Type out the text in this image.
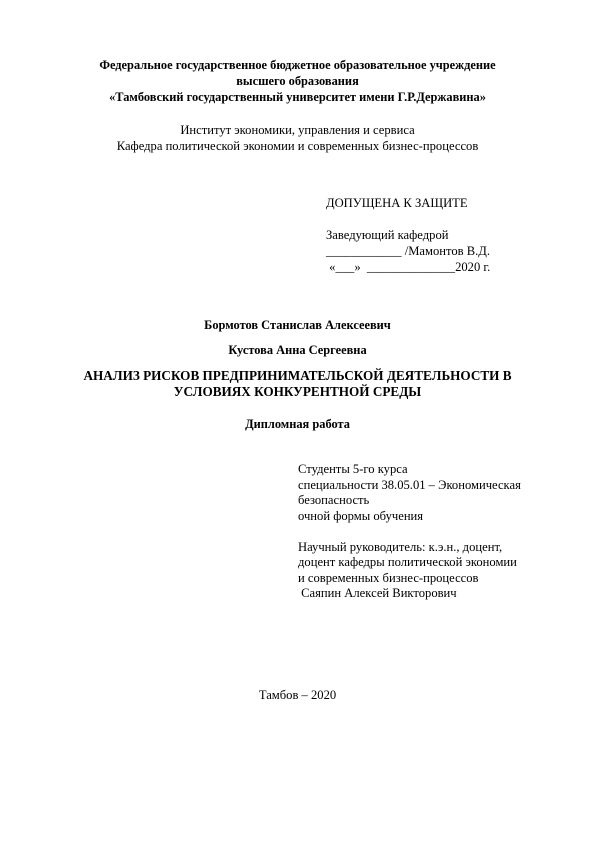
Федеральное государственное бюджетное образовательное учреждение
высшего образования
«Тамбовский государственный университет имени Г.Р.Державина»
Институт экономики, управления и сервиса
Кафедра политической экономии и современных бизнес-процессов
ДОПУЩЕНА К ЗАЩИТЕ
Заведующий кафедрой
____________ /Мамонтов В.Д.
«___»  ______________2020 г.
Бормотов Станислав Алексеевич
Кустова Анна Сергеевна
АНАЛИЗ РИСКОВ ПРЕДПРИНИМАТЕЛЬСКОЙ ДЕЯТЕЛЬНОСТИ В
УСЛОВИЯХ КОНКУРЕНТНОЙ СРЕДЫ
Дипломная работа
Студенты 5-го курса
специальности 38.05.01 – Экономическая
безопасность
очной формы обучения
Научный руководитель: к.э.н., доцент,
доцент кафедры политической экономии
и современных бизнес-процессов
Саяпин Алексей Викторович
Тамбов – 2020
